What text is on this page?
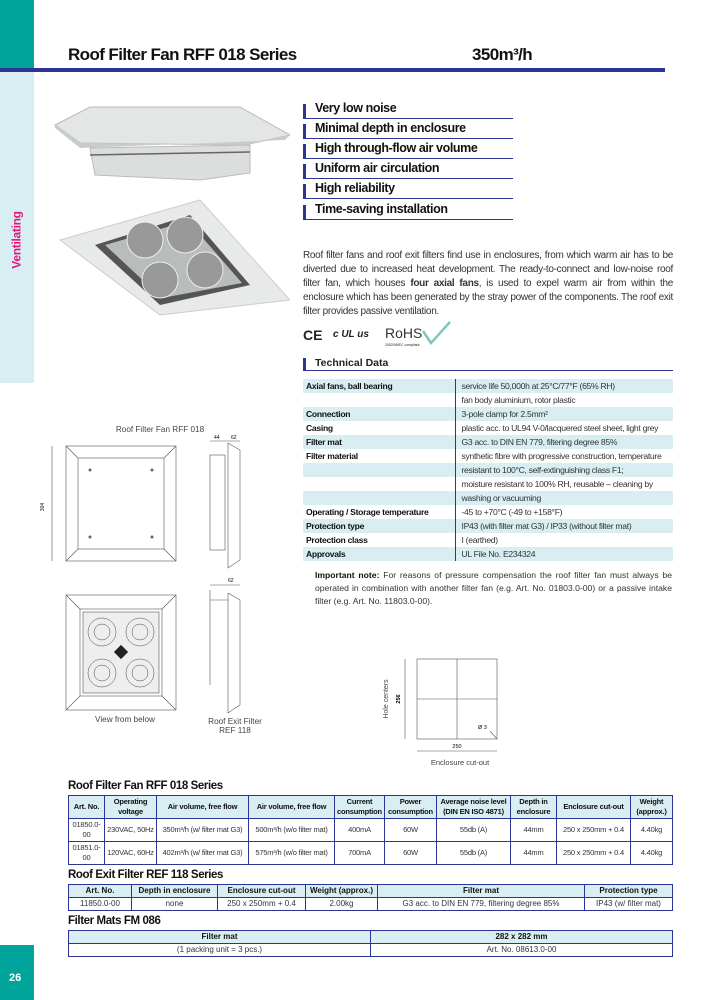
Ventilating
26
Roof Filter Fan RFF 018 Series	350m³/h
Very low noise
Minimal depth in enclosure
High through-flow air volume
Uniform air circulation
High reliability
Time-saving installation

Roof filter fans and roof exit filters find use in enclosures, from which warm air has to be diverted due to increased heat development. The ready-to-connect and low-noise roof filter fan, which houses four axial fans, is used to expel warm air from within the enclosure which has been generated by the stray power of the components. The roof exit filter provides passive ventilation.

CE c UL us RoHS
2002/95/EC compliant
Technical Data
Axial fans, ball bearing	service life 50,000h at 25°C/77°F (65% RH)
	fan body aluminium, rotor plastic
Connection	3-pole clamp for 2.5mm²
Casing	plastic acc. to UL94 V-0/lacquered steel sheet, light grey
Filter mat	G3 acc. to DIN EN 779, filtering degree 85%
Filter material	synthetic fibre with progressive construction, temperature
	resistant to 100°C, self-extinguishing class F1;
	moisture resistant to 100% RH, reusable – cleaning by
	washing or vacuuming
Operating / Storage temperature	-45 to +70°C (-49 to +158°F)
Protection type	IP43 (with filter mat G3) / IP33 (without filter mat)
Protection class	I (earthed)
Approvals	UL File No. E234324

Important note: For reasons of pressure compensation the roof filter fan must always be operated in combination with another filter fan (e.g. Art. No. 01803.0-00) or a passive intake filter (e.g. Art. No. 11803.0-00).

Roof Filter Fan RFF 018
304
44 62
62
View from below	Roof Exit Filter
REF 118
Hole centers 256
Ø 3
250
Enclosure cut-out
Roof Filter Fan RFF 018 Series
Art. No.	Operating voltage	Air volume, free flow	Air volume, free flow	Current consumption	Power consumption	Average noise level (DIN EN ISO 4871)	Depth in enclosure	Enclosure cut-out	Weight (approx.)
01850.0-00	230VAC, 50Hz	350m³/h (w/ filter mat G3)	500m³/h (w/o filter mat)	400mA	60W	55db (A)	44mm	250 x 250mm + 0.4	4.40kg
01851.0-00	120VAC, 60Hz	402m³/h (w/ filter mat G3)	575m³/h (w/o filter mat)	700mA	60W	55db (A)	44mm	250 x 250mm + 0.4	4.40kg
Roof Exit Filter REF 118 Series
Art. No.	Depth in enclosure	Enclosure cut-out	Weight (approx.)	Filter mat	Protection type
11850.0-00	none	250 x 250mm + 0.4	2.00kg	G3 acc. to DIN EN 779, filtering degree 85%	IP43 (w/ filter mat)
Filter Mats FM 086
Filter mat	282 x 282 mm
(1 packing unit = 3 pcs.)	Art. No. 08613.0-00
